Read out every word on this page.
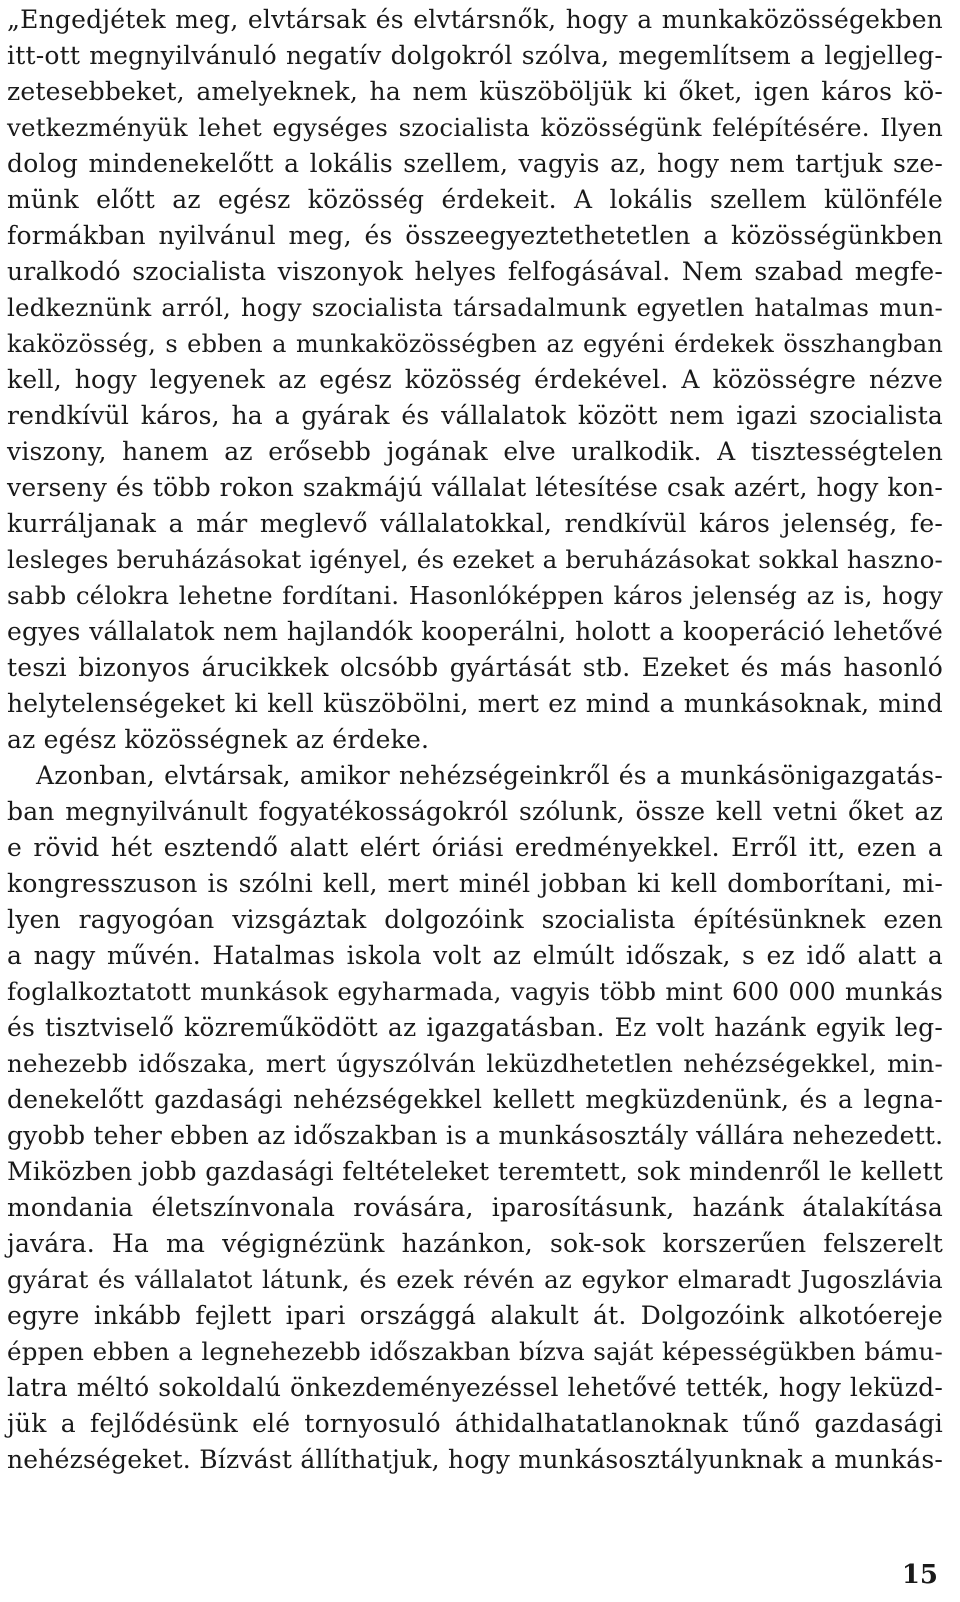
„Engedjétek meg, elvtársak és elvtársnők, hogy a munkaközösségekben
itt-ott megnyilvánuló negatív dolgokról szólva, megemlítsem a legjelleg-
zetesebbeket, amelyeknek, ha nem küszöböljük ki őket, igen káros kö-
vetkezményük lehet egységes szocialista közösségünk felépítésére. Ilyen
dolog mindenekelőtt a lokális szellem, vagyis az, hogy nem tartjuk sze-
münk előtt az egész közösség érdekeit. A lokális szellem különféle
formákban nyilvánul meg, és összeegyeztethetetlen a közösségünkben
uralkodó szocialista viszonyok helyes felfogásával. Nem szabad megfe-
ledkeznünk arról, hogy szocialista társadalmunk egyetlen hatalmas mun-
kaközösség, s ebben a munkaközösségben az egyéni érdekek összhangban
kell, hogy legyenek az egész közösség érdekével. A közösségre nézve
rendkívül káros, ha a gyárak és vállalatok között nem igazi szocialista
viszony, hanem az erősebb jogának elve uralkodik. A tisztességtelen
verseny és több rokon szakmájú vállalat létesítése csak azért, hogy kon-
kurráljanak a már meglevő vállalatokkal, rendkívül káros jelenség, fe-
lesleges beruházásokat igényel, és ezeket a beruházásokat sokkal haszno-
sabb célokra lehetne fordítani. Hasonlóképpen káros jelenség az is, hogy
egyes vállalatok nem hajlandók kooperálni, holott a kooperáció lehetővé
teszi bizonyos árucikkek olcsóbb gyártását stb. Ezeket és más hasonló
helytelenségeket ki kell küszöbölni, mert ez mind a munkásoknak, mind
az egész közösségnek az érdeke.
Azonban, elvtársak, amikor nehézségeinkről és a munkásönigazgatás-
ban megnyilvánult fogyatékosságokról szólunk, össze kell vetni őket az
e rövid hét esztendő alatt elért óriási eredményekkel. Erről itt, ezen a
kongresszuson is szólni kell, mert minél jobban ki kell domborítani, mi-
lyen ragyogóan vizsgáztak dolgozóink szocialista építésünknek ezen
a nagy művén. Hatalmas iskola volt az elmúlt időszak, s ez idő alatt a
foglalkoztatott munkások egyharmada, vagyis több mint 600 000 munkás
és tisztviselő közreműködött az igazgatásban. Ez volt hazánk egyik leg-
nehezebb időszaka, mert úgyszólván leküzdhetetlen nehézségekkel, min-
denekelőtt gazdasági nehézségekkel kellett megküzdenünk, és a legna-
gyobb teher ebben az időszakban is a munkásosztály vállára nehezedett.
Miközben jobb gazdasági feltételeket teremtett, sok mindenről le kellett
mondania életszínvonala rovására, iparosításunk, hazánk átalakítása
javára. Ha ma végignézünk hazánkon, sok-sok korszerűen felszerelt
gyárat és vállalatot látunk, és ezek révén az egykor elmaradt Jugoszlávia
egyre inkább fejlett ipari országgá alakult át. Dolgozóink alkotóereje
éppen ebben a legnehezebb időszakban bízva saját képességükben bámu-
latra méltó sokoldalú önkezdeményezéssel lehetővé tették, hogy leküzd-
jük a fejlődésünk elé tornyosuló áthidalhatatlanoknak tűnő gazdasági
nehézségeket. Bízvást állíthatjuk, hogy munkásosztályunknak a munkás-
15
